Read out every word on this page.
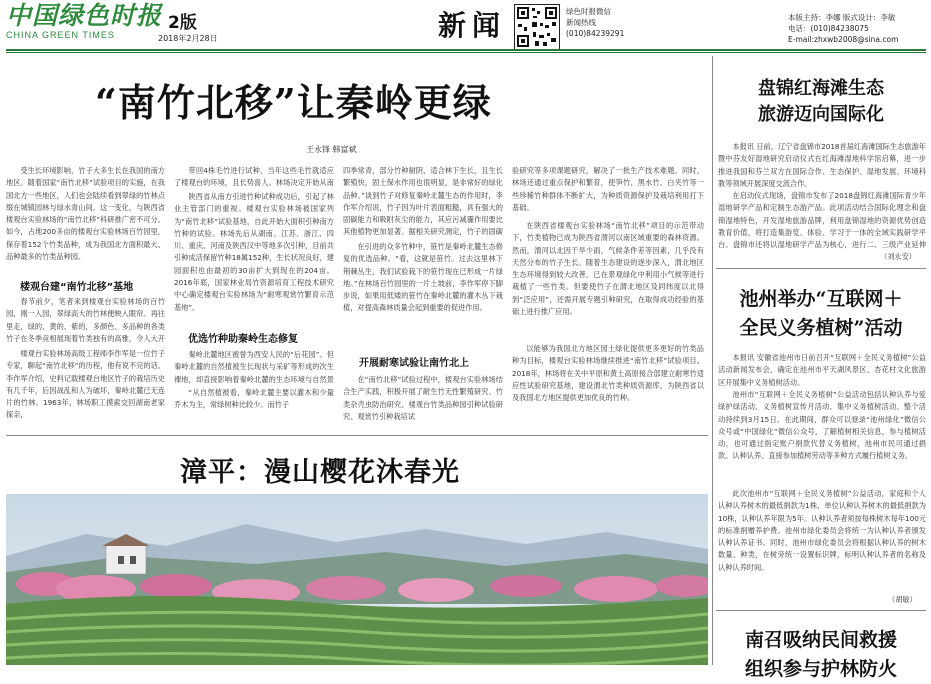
中国绿色时报
CHINA GREEN TIMES
2版
2018年2月28日	新闻	绿色时报微信
新闻热线
(010)84239291
本版主持：李娜 版式设计：李敏
电话：(010)84238075
E-mail:zhxwb2008@sina.com
“南竹北移”让秦岭更绿
王永锋 韩富斌
受生长环境影响，竹子大多生长在我国的南方地区。随着国家“南竹北移”试验项目的实施，在我国北方一些地区，人们也会陆续看到翠绿的竹林点缀在城镇园林与绿水青山间。这一变化，与陕西省楼观台实验林场的“南竹北移”科研推广密不可分。如今，占地200多亩的楼观台实验林场百竹园里，保存着152个竹类品种，成为我国北方面积最大、品种最多的竹类品种园。
楼观台建“南竹北移”基地
春节前夕，笔者来到楼观台实验林场的百竹园，刚一入园，翠绿高大的竹林便映入眼帘。再往里走，绿的、黄的、紫的，多颜色、多品种的各类竹子在冬季竞相展现着竹类独有的高雅，令人大开
楼观台实验林场高级工程师李作军是一位竹子专家，聊起“南竹北移”的历程，他有说不完的话。李作军介绍，史料记载楼观台地区竹子的栽培历史有几千年，后因战乱和人为破坏，秦岭北麓已无连片的竹林。1963年，林场职工摸索交回湖南老家探亲，
带回4株毛竹进行试种，当年这些毛竹就适应了楼观台的环境，且长势喜人。林场决定开始从南
陕西省从南方引进竹种试种成功后，引起了林业主管部门的重视。楼观台实验林场被国家列为“南竹北移”试验基地，自此开始大面积引种南方竹种的试验。林场先后从湖南、江苏、浙江、四川、重庆、河南及陕西汉中等地多次引种，目前共引种成活保留竹种18属152种，生长状况良好，建园面积也由最初的30亩扩大到现在的204亩。2016年底，国家林业局竹资源培育工程技术研究中心确定楼观台实验林场为“耐寒观赏竹繁育示范基地”。
优选竹种助秦岭生态修复
秦岭北麓地区被誉为西安人民的“后花园”。但秦岭北麓的自然植被生长现状与采矿等形成的次生裸地，却直接影响着秦岭北麓的生态环境与自然景
“从自然植被看，秦岭北麓主要以灌木和少量乔木为主，常绿树种比较少。而竹子
四季常青，部分竹种耐阴，适合林下生长，且生长繁殖快，固土保水作用也很明显，是非常好的绿化品种。”谈到竹子对修复秦岭北麓生态的作用时，李作军介绍说，竹子因为叶片表面粗糙，具有强大的固碳能力和吸附灰尘的能力，其应污减霾作用要比其他植物更加显著。据相关研究测定，竹子的固碳
在引进的众多竹种中，笹竹是秦岭北麓生态修复的优选品种。“看，这就是笹竹。过去这里林下荆棘丛生，我们试验栽下的笹竹现在已形成一片绿地。”在林场百竹园里的一片土坡前，李作军停下脚步说，如果用低矮的笹竹在秦岭北麓的灌木丛下栽植，对提高森林质量会起到重要的促进作用。
开展耐寒试验让南竹北上
在“南竹北移”试验过程中，楼观台实验林场结合生产实践，积极开展了耐生竹无性繁殖研究、竹类杂壳虫防治研究、楼观台竹类品种园引种试验研究、观赏竹引种栽培试
验研究等多项课题研究，解决了一批生产技术难题。同时，林场还通过重点保护和繁育，使笋竹、黑水竹、白夹竹等一些珍稀竹种群体不断扩大，为种质资源保护及栽培利用打下基础。
在陕西省楼观台实验林场“南竹北移”项目的示范带动下，竹类植物已成为陕西省渭河以南区域重要的森林资源。然而，渭河以北因干旱少雨，气候条件差等因素，几乎没有天然分布的竹子生长。随着生态建设的逐步深入，渭北地区生态环境得到较大改善，已在景观绿化中利用小气候等进行栽植了一些竹类。但要使竹子在渭北地区及同纬度以北得到“泛应用”，还需开展专题引种研究，在取得成功经验的基础上进行推广应用。
以能够为我国北方地区园土绿化提供更多更好的竹类品种为目标，楼观台实验林场继续推进“南竹北移”试验项目。2018年，林场将在关中平原和黄土高原接合部建立耐寒竹适应性试验研究基地，建设渭北竹类种质资源库，为陕西省以及我国北方地区提供更加优良的竹种。
漳平：漫山樱花沐春光
盘锦红海滩生态
旅游迈向国际化
本报讯 日前，辽宁省盘锦市2018首届红海滩国际生态旅游年暨中芬友好湿地研究启动仪式在红海滩湿地科学馆启幕，进一步推进我国和芬兰双方在国际合作、生态保护、湿地发展、环境科教等领域开展深度交流合作。
在启动仪式现场，盘锦市发布了2018盘锦红海滩国际青少年湿地研学产品和定制生态游产品。此项活动结合国际化理念和盘锦湿地特色，开发湿地旅游品牌，利用盘锦湿地的资源优势创造教育价值，将打造集游览、体验、学习于一体的全域实践研学平台。盘锦市还将以湿地研学产品为核心，进行二、三级产业延伸
（刘永安）
池州举办“互联网＋
全民义务植树”活动
本报讯 安徽省池州市日前召开“互联网＋全民义务植树”公益活动新闻发布会，确定在池州市平天湖风景区、杏花村文化旅游区开展集中义务植树活动。
池州市“互联网＋全民义务植树”公益活动包括认种认养与爱绿护绿活动、义务植树宣传月活动、集中义务植树活动。整个活动持续到3月15日。在此期间，群众可以登录“池州绿化”微信公众号或“中国绿化”微信公众号，了解植树相关信息，参与植树活动，也可通过指定账户捐款代替义务植树，池州市民可通过捐款、认种认养、直接参加植树劳动等多种方式履行植树义务。
此次池州市“互联网＋全民义务植树”公益活动，家庭和个人认种认养树木的最低捐款为1株，单位认种认养树木的最低捐款为10株，认种认养年限为5年。认种认养者须按每株树木每年100元的标准捐赠养护费。池州市绿化委员会将统一为认种认养者颁发认种认养证书。同时，池州市绿化委员会将根据认种认养的树木数量、种类，在树旁统一设置标识牌，标明认种认养者的名称及认种认养时间。
（胡敏）
南召吸纳民间救援
组织参与护林防火
